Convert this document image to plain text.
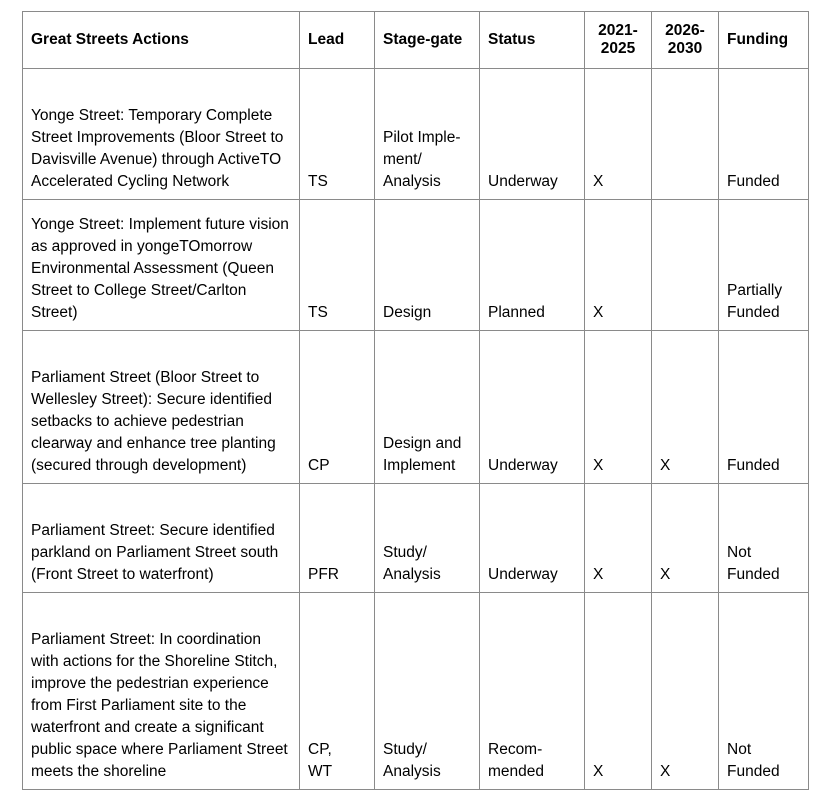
Great Streets Actions	Lead	Stage-gate	Status	2021-
2025	2026-
2030	Funding
Yonge Street: Temporary Complete Street Improvements (Bloor Street to Davisville Avenue) through ActiveTO Accelerated Cycling Network	TS	Pilot Imple-
ment/
Analysis	Underway	X		Funded
Yonge Street: Implement future vision as approved in yongeTOmorrow Environmental Assessment (Queen Street to College Street/Carlton Street)	TS	Design	Planned	X		Partially
Funded
Parliament Street (Bloor Street to Wellesley Street): Secure identified setbacks to achieve pedestrian clearway and enhance tree planting (secured through development)	CP	Design and
Implement	Underway	X	X	Funded
Parliament Street: Secure identified parkland on Parliament Street south (Front Street to waterfront)	PFR	Study/
Analysis	Underway	X	X	Not
Funded
Parliament Street: In coordination with actions for the Shoreline Stitch, improve the pedestrian experience from First Parliament site to the waterfront and create a significant public space where Parliament Street meets the shoreline	CP,
WT	Study/
Analysis	Recom-
mended	X	X	Not
Funded
